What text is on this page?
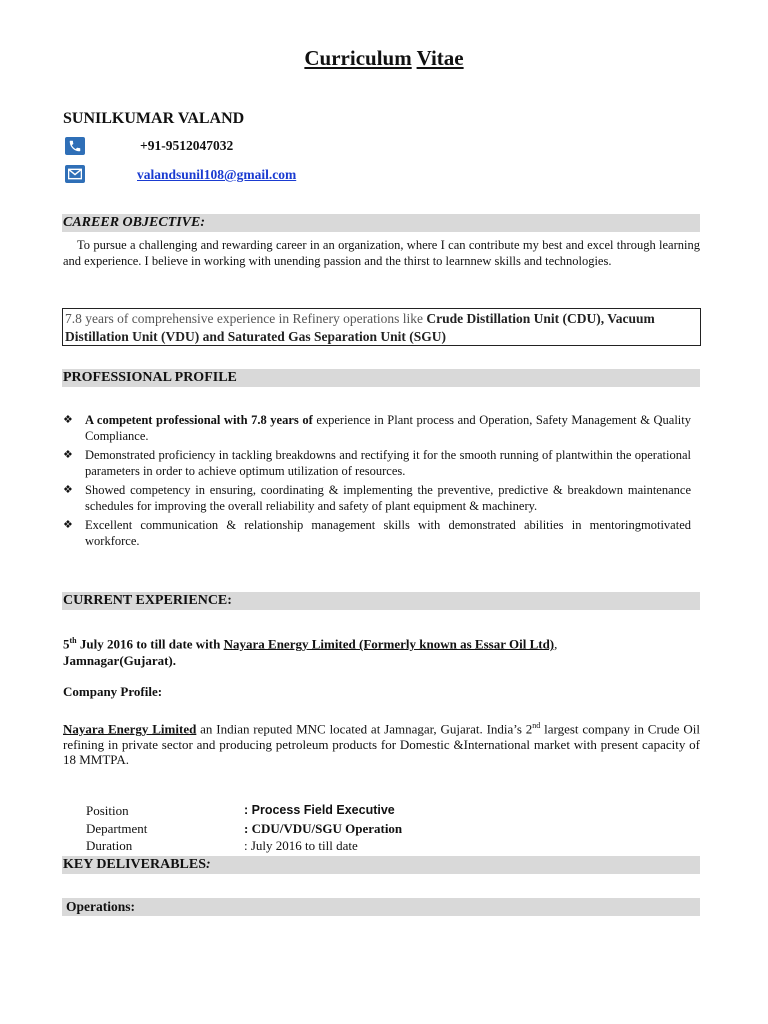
Curriculum Vitae
SUNILKUMAR VALAND
+91-9512047032
valandsunil108@gmail.com
CAREER OBJECTIVE:
To pursue a challenging and rewarding career in an organization, where I can contribute my best and excel through learning and experience. I believe in working with unending passion and the thirst to learnnew skills and technologies.
7.8 years of comprehensive experience in Refinery operations like Crude Distillation Unit (CDU), Vacuum Distillation Unit (VDU) and Saturated Gas Separation Unit (SGU)
PROFESSIONAL PROFILE
❖ A competent professional with 7.8 years of experience in Plant process and Operation, Safety Management & Quality Compliance.
❖ Demonstrated proficiency in tackling breakdowns and rectifying it for the smooth running of plantwithin the operational parameters in order to achieve optimum utilization of resources.
❖ Showed competency in ensuring, coordinating & implementing the preventive, predictive & breakdown maintenance schedules for improving the overall reliability and safety of plant equipment & machinery.
❖ Excellent communication & relationship management skills with demonstrated abilities in mentoringmotivated workforce.
CURRENT EXPERIENCE:
5th July 2016 to till date with Nayara Energy Limited (Formerly known as Essar Oil Ltd),
Jamnagar(Gujarat).
Company Profile:
Nayara Energy Limited an Indian reputed MNC located at Jamnagar, Gujarat. India’s 2nd largest company in Crude Oil refining in private sector and producing petroleum products for Domestic &International market with present capacity of 18 MMTPA.
Position	: Process Field Executive
Department	: CDU/VDU/SGU Operation
Duration	: July 2016 to till date
KEY DELIVERABLES:
Operations:
